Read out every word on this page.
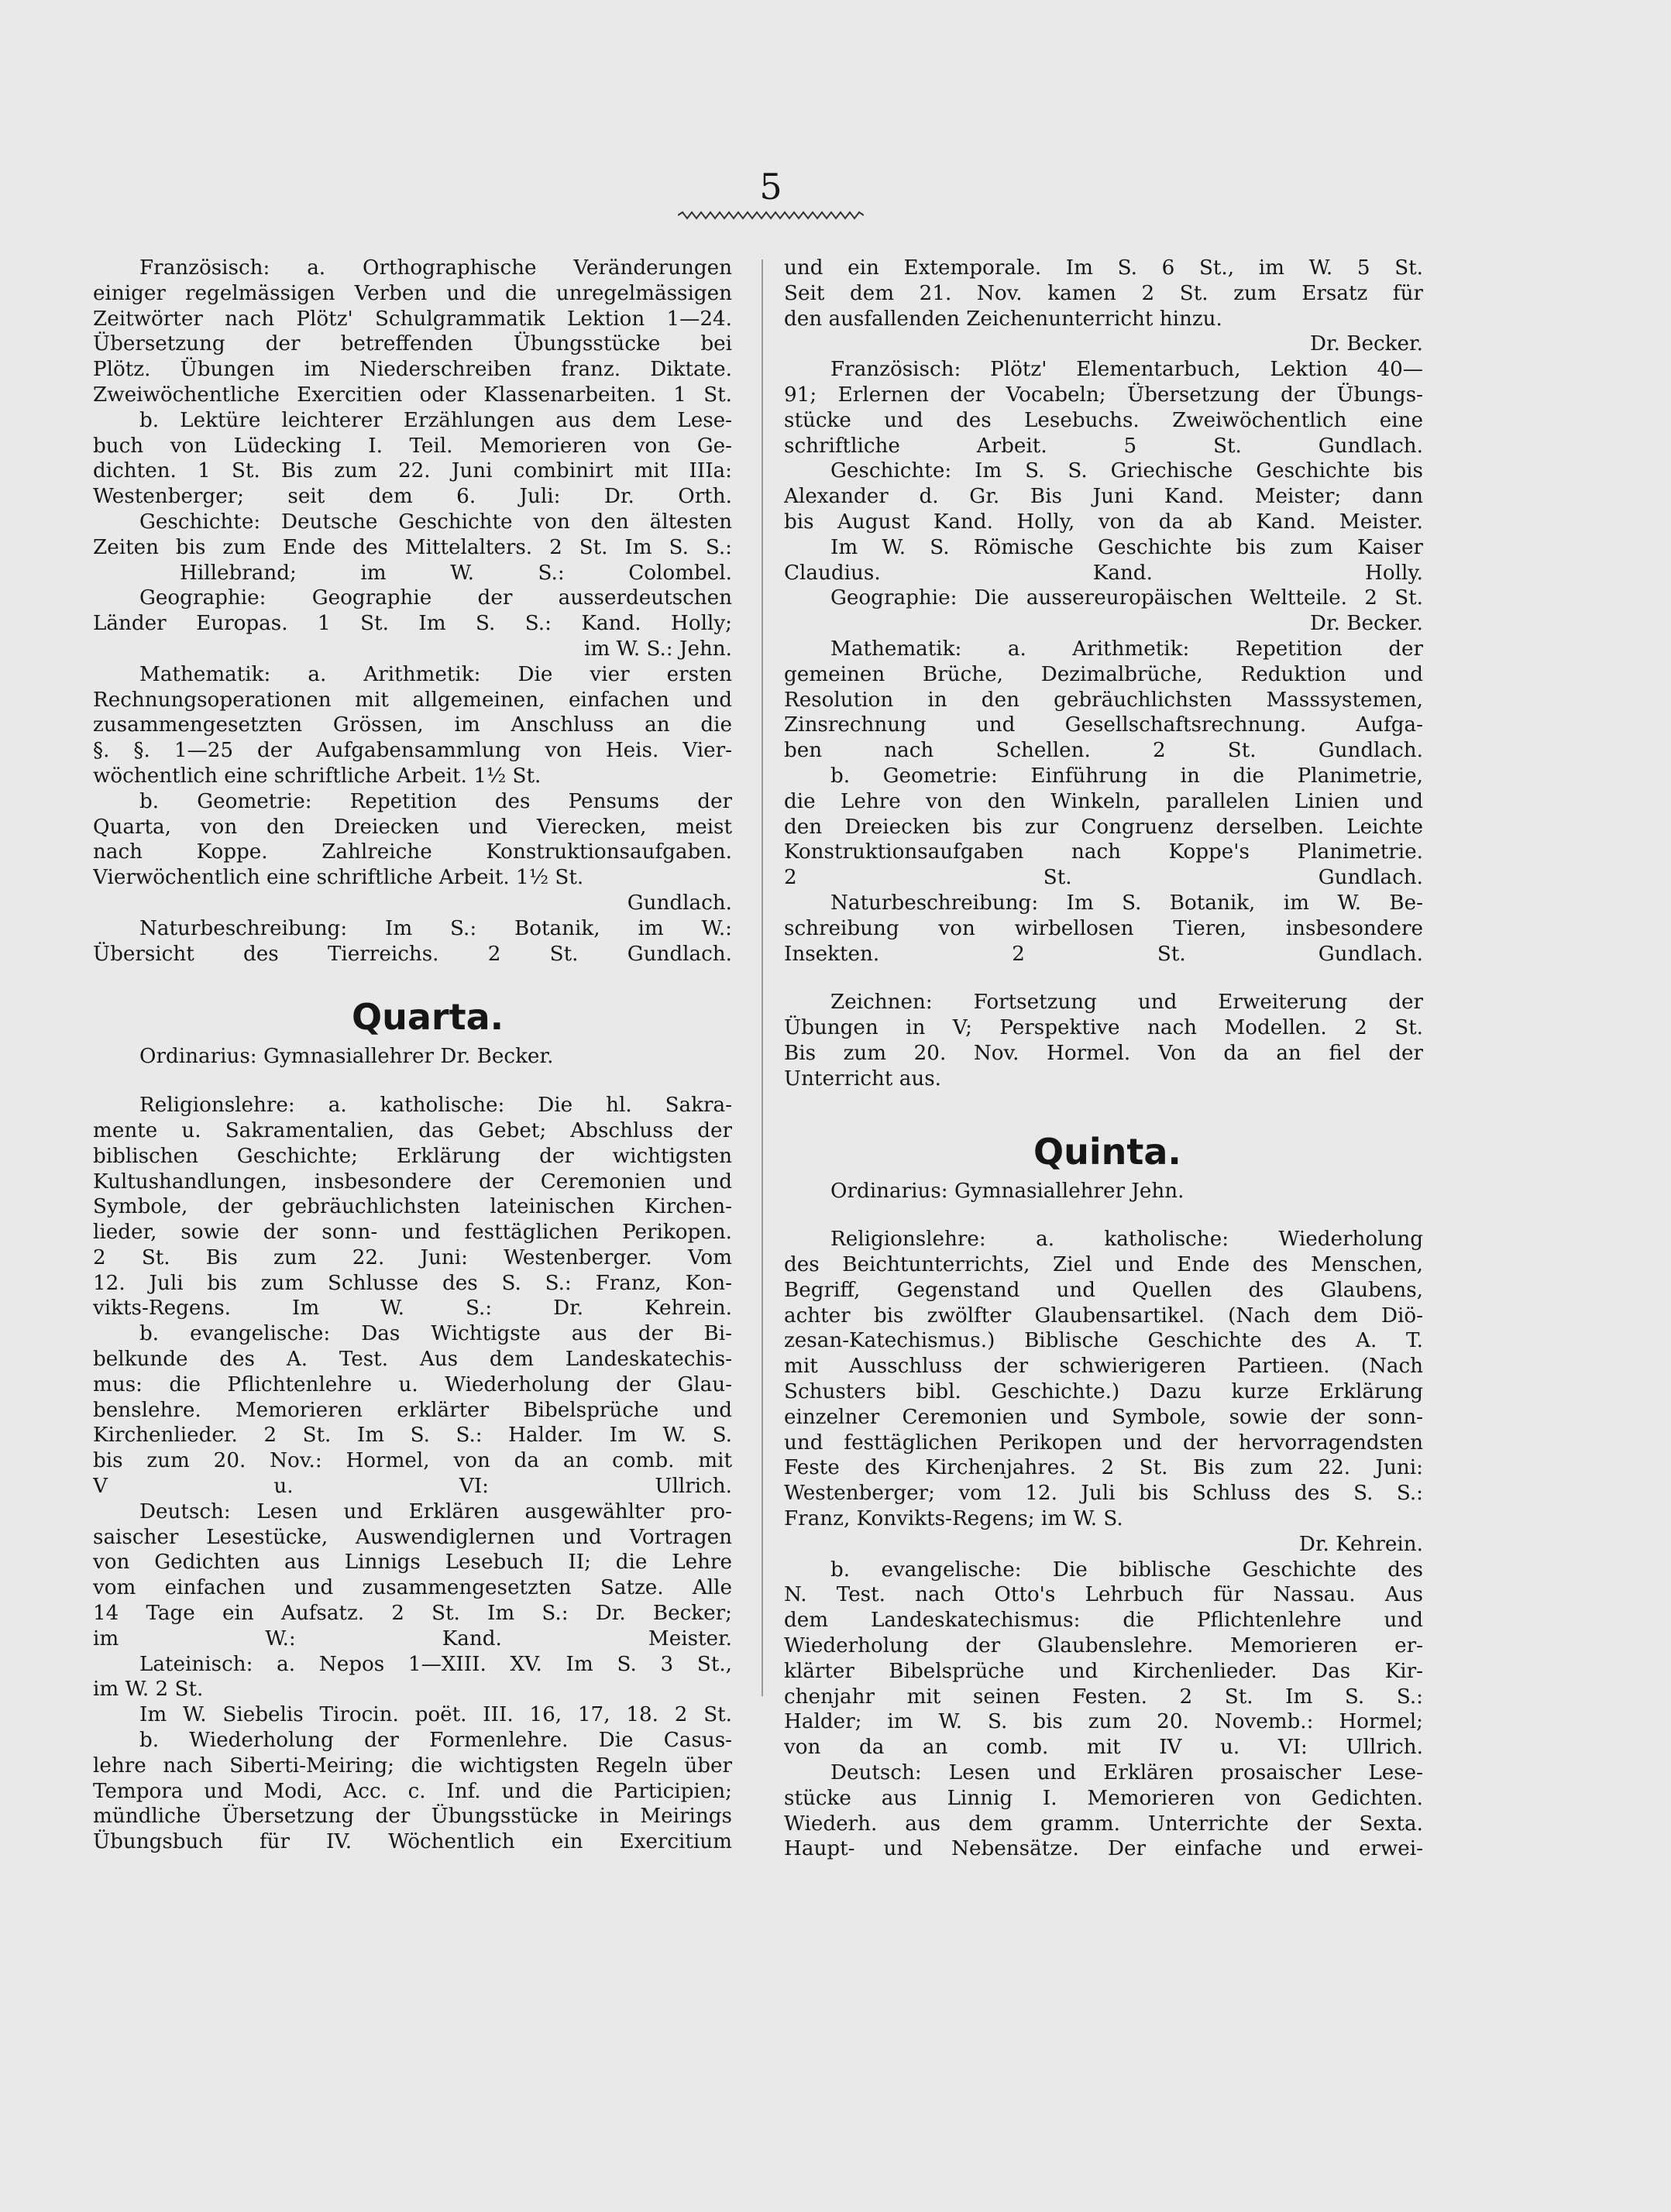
5
Französisch: a. Orthographische Veränderungen
einiger regelmässigen Verben und die unregelmässigen
Zeitwörter nach Plötz' Schulgrammatik Lektion 1—24.
Übersetzung der betreffenden Übungsstücke bei
Plötz. Übungen im Niederschreiben franz. Diktate.
Zweiwöchentliche Exercitien oder Klassenarbeiten. 1 St.
b. Lektüre leichterer Erzählungen aus dem Lese-
buch von Lüdecking I. Teil. Memorieren von Ge-
dichten. 1 St. Bis zum 22. Juni combinirt mit IIIa:
Westenberger; seit dem 6. Juli: Dr. Orth.
Geschichte: Deutsche Geschichte von den ältesten
Zeiten bis zum Ende des Mittelalters. 2 St. Im S. S.:
Hillebrand; im W. S.: Colombel.
Geographie: Geographie der ausserdeutschen
Länder Europas. 1 St. Im S. S.: Kand. Holly;
im W. S.: Jehn.
Mathematik: a. Arithmetik: Die vier ersten
Rechnungsoperationen mit allgemeinen, einfachen und
zusammengesetzten Grössen, im Anschluss an die
§. §. 1—25 der Aufgabensammlung von Heis. Vier-
wöchentlich eine schriftliche Arbeit. 1½ St.
b. Geometrie: Repetition des Pensums der
Quarta, von den Dreiecken und Vierecken, meist
nach Koppe. Zahlreiche Konstruktionsaufgaben.
Vierwöchentlich eine schriftliche Arbeit. 1½ St.
Gundlach.
Naturbeschreibung: Im S.: Botanik, im W.:
Übersicht des Tierreichs. 2 St. Gundlach.
Quarta.
Ordinarius: Gymnasiallehrer Dr. Becker.
Religionslehre: a. katholische: Die hl. Sakra-
mente u. Sakramentalien, das Gebet; Abschluss der
biblischen Geschichte; Erklärung der wichtigsten
Kultushandlungen, insbesondere der Ceremonien und
Symbole, der gebräuchlichsten lateinischen Kirchen-
lieder, sowie der sonn- und festtäglichen Perikopen.
2 St. Bis zum 22. Juni: Westenberger. Vom
12. Juli bis zum Schlusse des S. S.: Franz, Kon-
vikts-Regens. Im W. S.: Dr. Kehrein.
b. evangelische: Das Wichtigste aus der Bi-
belkunde des A. Test. Aus dem Landeskatechis-
mus: die Pflichtenlehre u. Wiederholung der Glau-
benslehre. Memorieren erklärter Bibelsprüche und
Kirchenlieder. 2 St. Im S. S.: Halder. Im W. S.
bis zum 20. Nov.: Hormel, von da an comb. mit
V u. VI: Ullrich.
Deutsch: Lesen und Erklären ausgewählter pro-
saischer Lesestücke, Auswendiglernen und Vortragen
von Gedichten aus Linnigs Lesebuch II; die Lehre
vom einfachen und zusammengesetzten Satze. Alle
14 Tage ein Aufsatz. 2 St. Im S.: Dr. Becker;
im W.: Kand. Meister.
Lateinisch: a. Nepos 1—XIII. XV. Im S. 3 St.,
im W. 2 St.
Im W. Siebelis Tirocin. poët. III. 16, 17, 18. 2 St.
b. Wiederholung der Formenlehre. Die Casus-
lehre nach Siberti-Meiring; die wichtigsten Regeln über
Tempora und Modi, Acc. c. Inf. und die Participien;
mündliche Übersetzung der Übungsstücke in Meirings
Übungsbuch für IV. Wöchentlich ein Exercitium
und ein Extemporale. Im S. 6 St., im W. 5 St.
Seit dem 21. Nov. kamen 2 St. zum Ersatz für
den ausfallenden Zeichenunterricht hinzu.
Dr. Becker.
Französisch: Plötz' Elementarbuch, Lektion 40—
91; Erlernen der Vocabeln; Übersetzung der Übungs-
stücke und des Lesebuchs. Zweiwöchentlich eine
schriftliche Arbeit. 5 St. Gundlach.
Geschichte: Im S. S. Griechische Geschichte bis
Alexander d. Gr. Bis Juni Kand. Meister; dann
bis August Kand. Holly, von da ab Kand. Meister.
Im W. S. Römische Geschichte bis zum Kaiser
Claudius. Kand. Holly.
Geographie: Die aussereuropäischen Weltteile. 2 St.
Dr. Becker.
Mathematik: a. Arithmetik: Repetition der
gemeinen Brüche, Dezimalbrüche, Reduktion und
Resolution in den gebräuchlichsten Masssystemen,
Zinsrechnung und Gesellschaftsrechnung. Aufga-
ben nach Schellen. 2 St. Gundlach.
b. Geometrie: Einführung in die Planimetrie,
die Lehre von den Winkeln, parallelen Linien und
den Dreiecken bis zur Congruenz derselben. Leichte
Konstruktionsaufgaben nach Koppe's Planimetrie.
2 St. Gundlach.
Naturbeschreibung: Im S. Botanik, im W. Be-
schreibung von wirbellosen Tieren, insbesondere
Insekten. 2 St. Gundlach.
Zeichnen: Fortsetzung und Erweiterung der
Übungen in V; Perspektive nach Modellen. 2 St.
Bis zum 20. Nov. Hormel. Von da an fiel der
Unterricht aus.
Quinta.
Ordinarius: Gymnasiallehrer Jehn.
Religionslehre: a. katholische: Wiederholung
des Beichtunterrichts, Ziel und Ende des Menschen,
Begriff, Gegenstand und Quellen des Glaubens,
achter bis zwölfter Glaubensartikel. (Nach dem Diö-
zesan-Katechismus.) Biblische Geschichte des A. T.
mit Ausschluss der schwierigeren Partieen. (Nach
Schusters bibl. Geschichte.) Dazu kurze Erklärung
einzelner Ceremonien und Symbole, sowie der sonn-
und festtäglichen Perikopen und der hervorragendsten
Feste des Kirchenjahres. 2 St. Bis zum 22. Juni:
Westenberger; vom 12. Juli bis Schluss des S. S.:
Franz, Konvikts-Regens; im W. S.
Dr. Kehrein.
b. evangelische: Die biblische Geschichte des
N. Test. nach Otto's Lehrbuch für Nassau. Aus
dem Landeskatechismus: die Pflichtenlehre und
Wiederholung der Glaubenslehre. Memorieren er-
klärter Bibelsprüche und Kirchenlieder. Das Kir-
chenjahr mit seinen Festen. 2 St. Im S. S.:
Halder; im W. S. bis zum 20. Novemb.: Hormel;
von da an comb. mit IV u. VI: Ullrich.
Deutsch: Lesen und Erklären prosaischer Lese-
stücke aus Linnig I. Memorieren von Gedichten.
Wiederh. aus dem gramm. Unterrichte der Sexta.
Haupt- und Nebensätze. Der einfache und erwei-
